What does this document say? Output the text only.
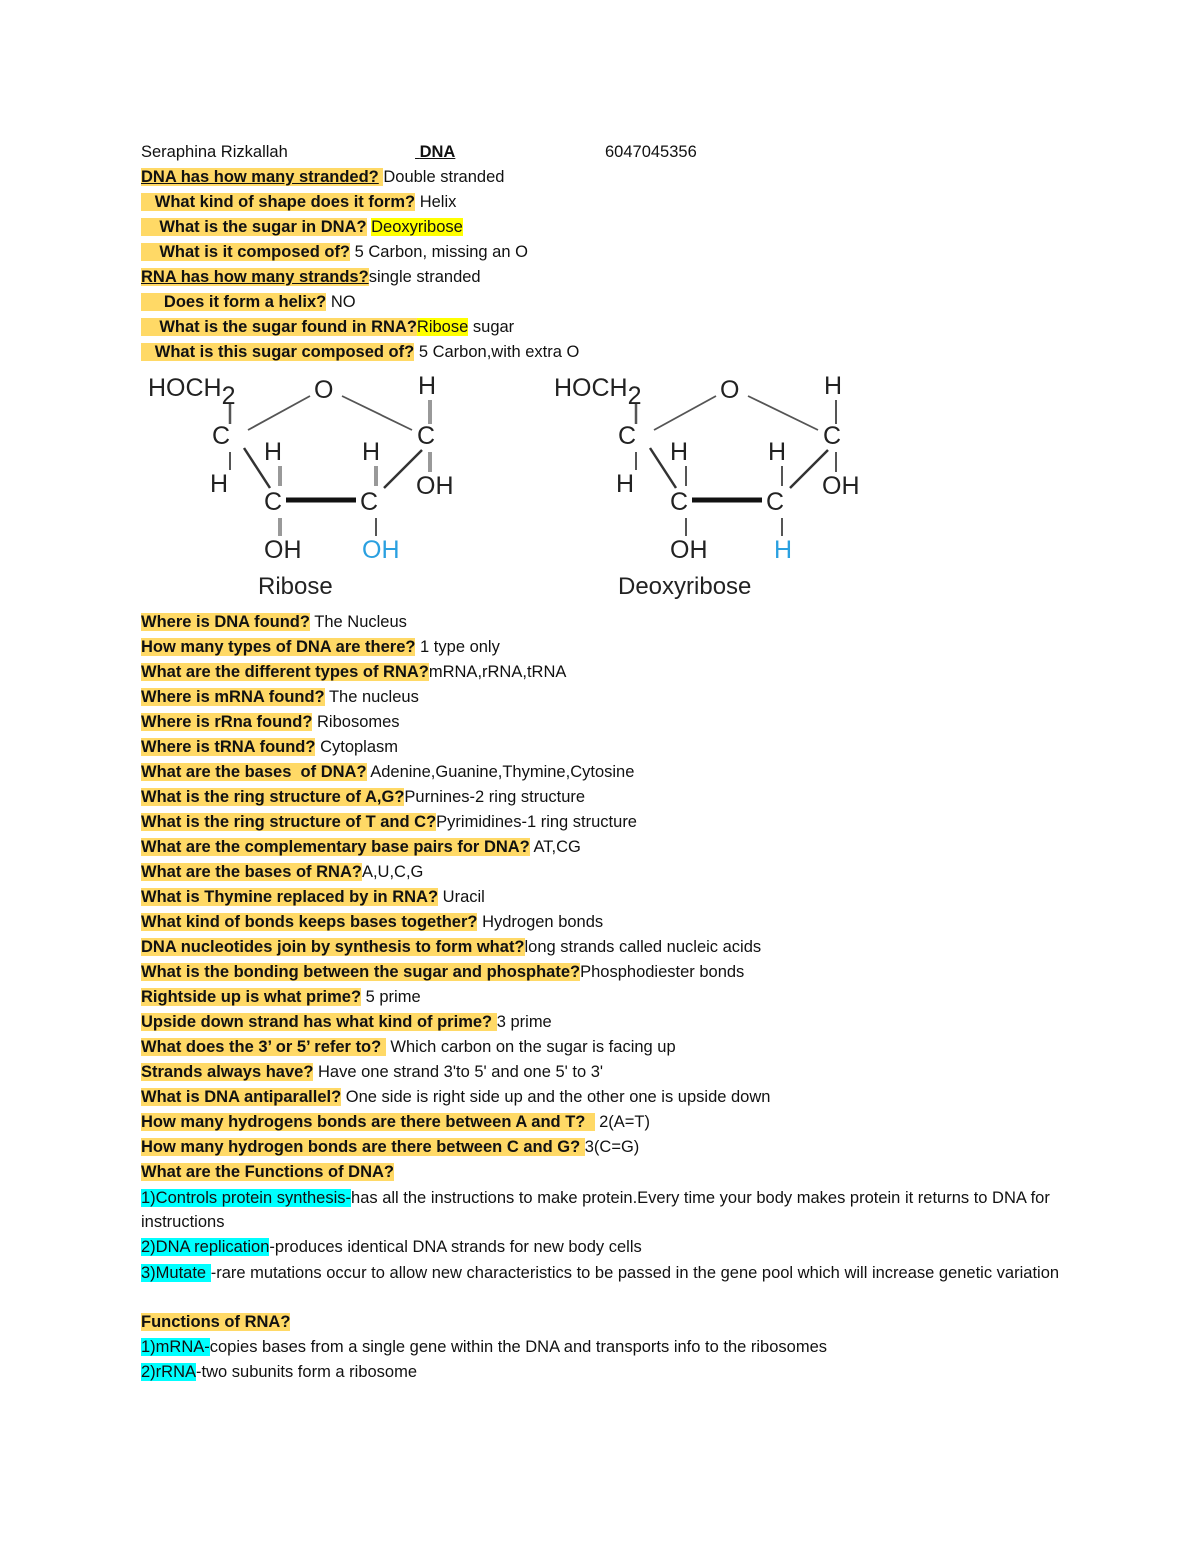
Seraphina Rizkallah	DNA	6047045356
DNA has how many stranded? Double stranded
What kind of shape does it form? Helix
What is the sugar in DNA? Deoxyribose
What is it composed of? 5 Carbon, missing an O
RNA has how many strands?single stranded
Does it form a helix? NO
What is the sugar found in RNA?Ribose sugar
What is this sugar composed of? 5 Carbon,with extra O
HOCH2	O	H
C	C
H
H	H
OH
C	C
OH OH
Ribose
HOCH2	O	H
C	C
H
H	H
OH
C	C
OH	H
Deoxyribose
Where is DNA found? The Nucleus
How many types of DNA are there? 1 type only
What are the different types of RNA?mRNA,rRNA,tRNA
Where is mRNA found? The nucleus
Where is rRna found? Ribosomes
Where is tRNA found? Cytoplasm
What are the bases  of DNA? Adenine,Guanine,Thymine,Cytosine
What is the ring structure of A,G?Purnines-2 ring structure
What is the ring structure of T and C?Pyrimidines-1 ring structure
What are the complementary base pairs for DNA? AT,CG
What are the bases of RNA?A,U,C,G
What is Thymine replaced by in RNA? Uracil
What kind of bonds keeps bases together? Hydrogen bonds
DNA nucleotides join by synthesis to form what?long strands called nucleic acids
What is the bonding between the sugar and phosphate?Phosphodiester bonds
Rightside up is what prime? 5 prime
Upside down strand has what kind of prime? 3 prime
What does the 3’ or 5’ refer to? Which carbon on the sugar is facing up
Strands always have? Have one strand 3'to 5' and one 5' to 3'
What is DNA antiparallel? One side is right side up and the other one is upside down
How many hydrogens bonds are there between A and T? 2(A=T)
How many hydrogen bonds are there between C and G? 3(C=G)
What are the Functions of DNA?
1)Controls protein synthesis-has all the instructions to make protein.Every time your body makes protein it returns to DNA for instructions
2)DNA replication-produces identical DNA strands for new body cells
3)Mutate -rare mutations occur to allow new characteristics to be passed in the gene pool which will increase genetic variation
Functions of RNA?
1)mRNA-copies bases from a single gene within the DNA and transports info to the ribosomes
2)rRNA-two subunits form a ribosome
